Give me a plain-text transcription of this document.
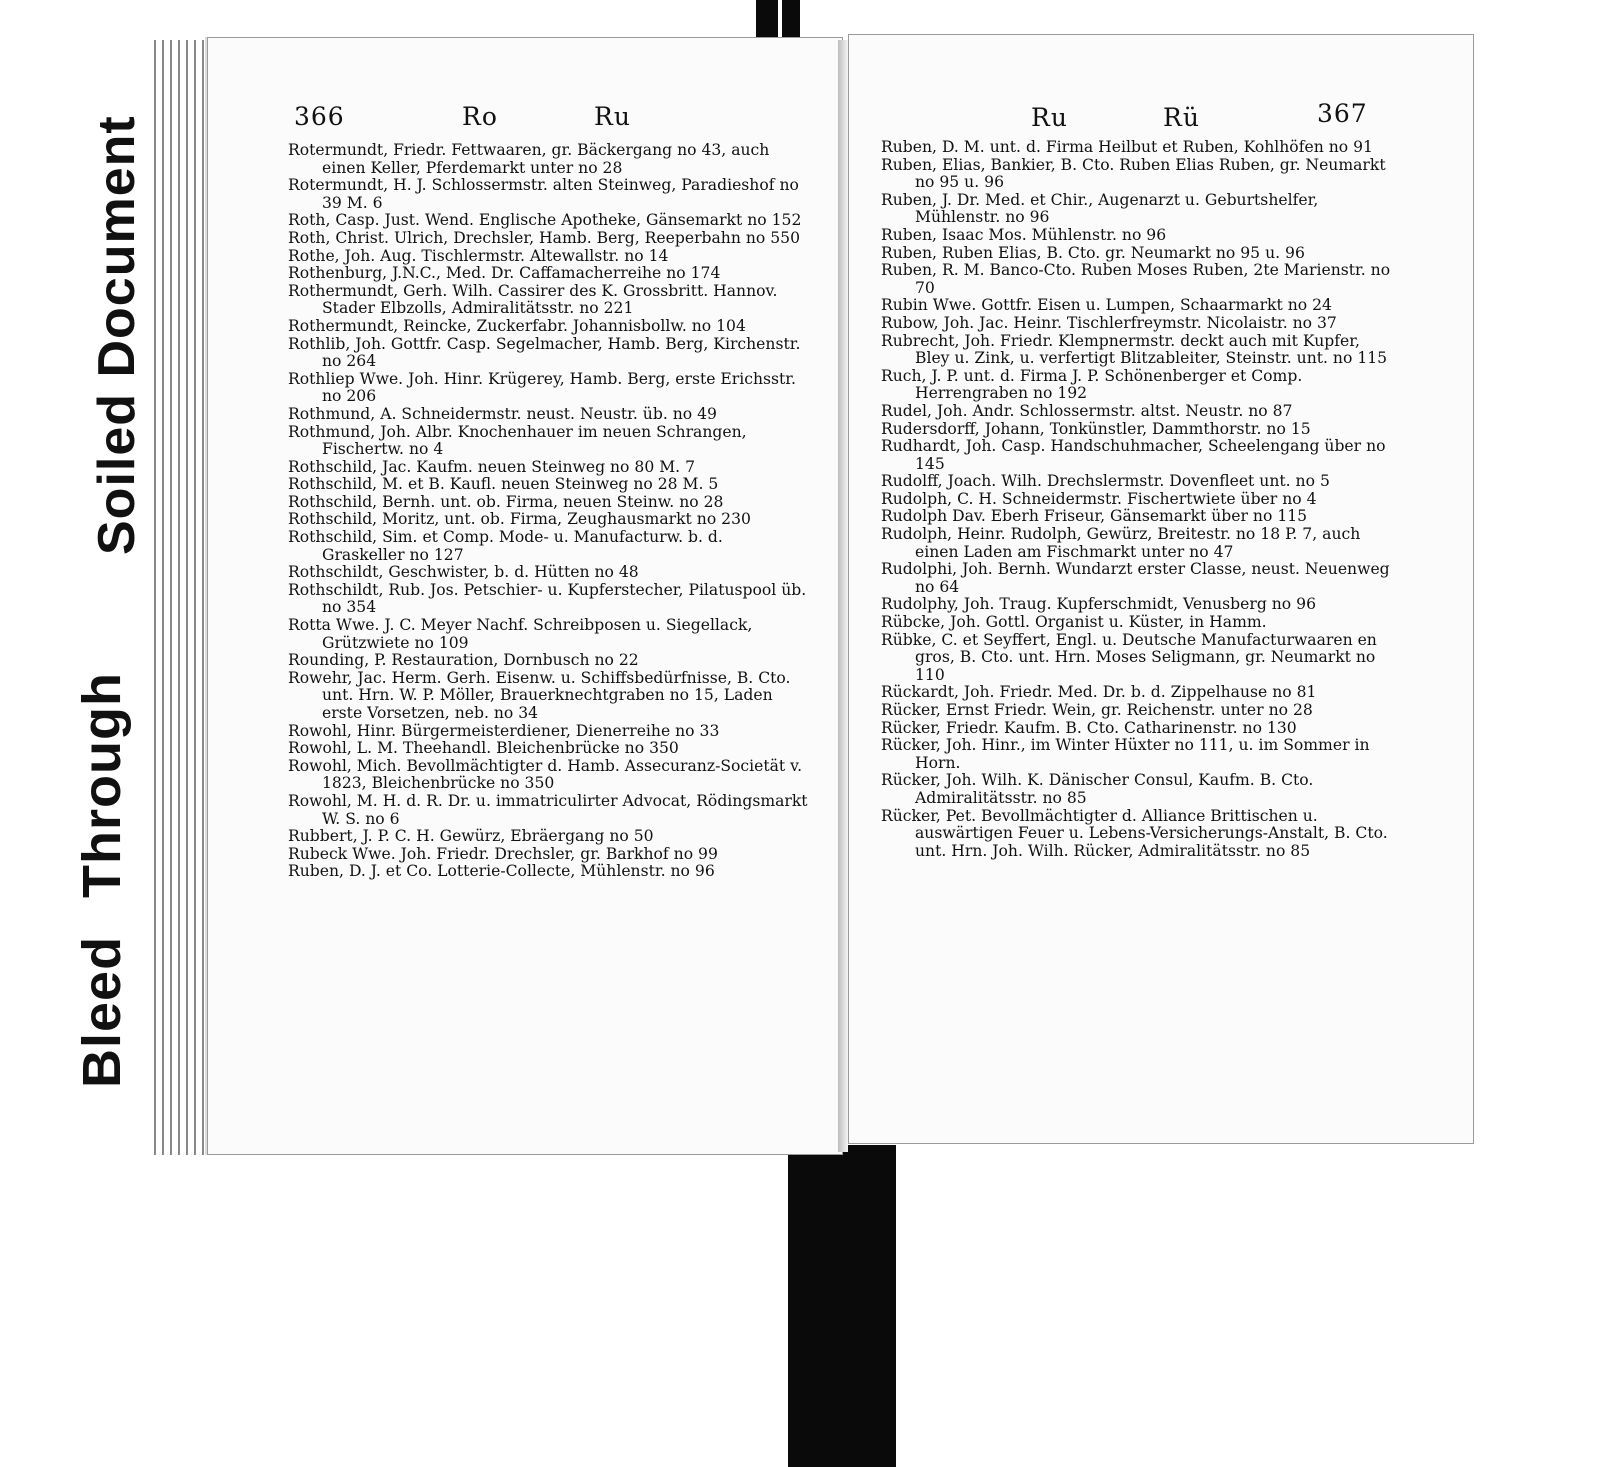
Soiled Document
Bleed Through
366	Ro	Ru

Rotermundt, Friedr. Fettwaaren, gr. Bäckergang no 43, auch einen Keller, Pferdemarkt unter no 28

Rotermundt, H. J. Schlossermstr. alten Steinweg, Paradieshof no 39 M. 6

Roth, Casp. Just. Wend. Englische Apotheke, Gänsemarkt no 152

Roth, Christ. Ulrich, Drechsler, Hamb. Berg, Reeperbahn no 550

Rothe, Joh. Aug. Tischlermstr. Altewallstr. no 14

Rothenburg, J.N.C., Med. Dr. Caffamacherreihe no 174

Rothermundt, Gerh. Wilh. Cassirer des K. Grossbritt. Hannov. Stader Elbzolls, Admiralitätsstr. no 221

Rothermundt, Reincke, Zuckerfabr. Johannisbollw. no 104

Rothlib, Joh. Gottfr. Casp. Segelmacher, Hamb. Berg, Kirchenstr. no 264

Rothliep Wwe. Joh. Hinr. Krügerey, Hamb. Berg, erste Erichsstr. no 206

Rothmund, A. Schneidermstr. neust. Neustr. üb. no 49

Rothmund, Joh. Albr. Knochenhauer im neuen Schrangen, Fischertw. no 4

Rothschild, Jac. Kaufm. neuen Steinweg no 80 M. 7

Rothschild, M. et B. Kaufl. neuen Steinweg no 28 M. 5

Rothschild, Bernh. unt. ob. Firma, neuen Steinw. no 28

Rothschild, Moritz, unt. ob. Firma, Zeughausmarkt no 230

Rothschild, Sim. et Comp. Mode- u. Manufacturw. b. d. Graskeller no 127

Rothschildt, Geschwister, b. d. Hütten no 48

Rothschildt, Rub. Jos. Petschier- u. Kupferstecher, Pilatuspool üb. no 354

Rotta Wwe. J. C. Meyer Nachf. Schreibposen u. Siegellack, Grützwiete no 109

Rounding, P. Restauration, Dornbusch no 22

Rowehr, Jac. Herm. Gerh. Eisenw. u. Schiffsbedürfnisse, B. Cto. unt. Hrn. W. P. Möller, Brauerknechtgraben no 15, Laden erste Vorsetzen, neb. no 34

Rowohl, Hinr. Bürgermeisterdiener, Dienerreihe no 33

Rowohl, L. M. Theehandl. Bleichenbrücke no 350

Rowohl, Mich. Bevollmächtigter d. Hamb. Assecuranz-Societät v. 1823, Bleichenbrücke no 350

Rowohl, M. H. d. R. Dr. u. immatriculirter Advocat, Rödingsmarkt W. S. no 6

Rubbert, J. P. C. H. Gewürz, Ebräergang no 50

Rubeck Wwe. Joh. Friedr. Drechsler, gr. Barkhof no 99

Ruben, D. J. et Co. Lotterie-Collecte, Mühlenstr. no 96

Ru	Rü	367

Ruben, D. M. unt. d. Firma Heilbut et Ruben, Kohlhöfen no 91

Ruben, Elias, Bankier, B. Cto. Ruben Elias Ruben, gr. Neumarkt no 95 u. 96

Ruben, J. Dr. Med. et Chir., Augenarzt u. Geburtshelfer, Mühlenstr. no 96

Ruben, Isaac Mos. Mühlenstr. no 96

Ruben, Ruben Elias, B. Cto. gr. Neumarkt no 95 u. 96

Ruben, R. M. Banco-Cto. Ruben Moses Ruben, 2te Marienstr. no 70

Rubin Wwe. Gottfr. Eisen u. Lumpen, Schaarmarkt no 24

Rubow, Joh. Jac. Heinr. Tischlerfreymstr. Nicolaistr. no 37

Rubrecht, Joh. Friedr. Klempnermstr. deckt auch mit Kupfer, Bley u. Zink, u. verfertigt Blitzableiter, Steinstr. unt. no 115

Ruch, J. P. unt. d. Firma J. P. Schönenberger et Comp. Herrengraben no 192

Rudel, Joh. Andr. Schlossermstr. altst. Neustr. no 87

Rudersdorff, Johann, Tonkünstler, Dammthorstr. no 15

Rudhardt, Joh. Casp. Handschuhmacher, Scheelengang über no 145

Rudolff, Joach. Wilh. Drechslermstr. Dovenfleet unt. no 5

Rudolph, C. H. Schneidermstr. Fischertwiete über no 4

Rudolph Dav. Eberh Friseur, Gänsemarkt über no 115

Rudolph, Heinr. Rudolph, Gewürz, Breitestr. no 18 P. 7, auch einen Laden am Fischmarkt unter no 47

Rudolphi, Joh. Bernh. Wundarzt erster Classe, neust. Neuenweg no 64

Rudolphy, Joh. Traug. Kupferschmidt, Venusberg no 96

Rübcke, Joh. Gottl. Organist u. Küster, in Hamm.

Rübke, C. et Seyffert, Engl. u. Deutsche Manufacturwaaren en gros, B. Cto. unt. Hrn. Moses Seligmann, gr. Neumarkt no 110

Rückardt, Joh. Friedr. Med. Dr. b. d. Zippelhause no 81

Rücker, Ernst Friedr. Wein, gr. Reichenstr. unter no 28

Rücker, Friedr. Kaufm. B. Cto. Catharinenstr. no 130

Rücker, Joh. Hinr., im Winter Hüxter no 111, u. im Sommer in Horn.

Rücker, Joh. Wilh. K. Dänischer Consul, Kaufm. B. Cto. Admiralitätsstr. no 85

Rücker, Pet. Bevollmächtigter d. Alliance Brittischen u. auswärtigen Feuer u. Lebens-Versicherungs-Anstalt, B. Cto. unt. Hrn. Joh. Wilh. Rücker, Admiralitätsstr. no 85
